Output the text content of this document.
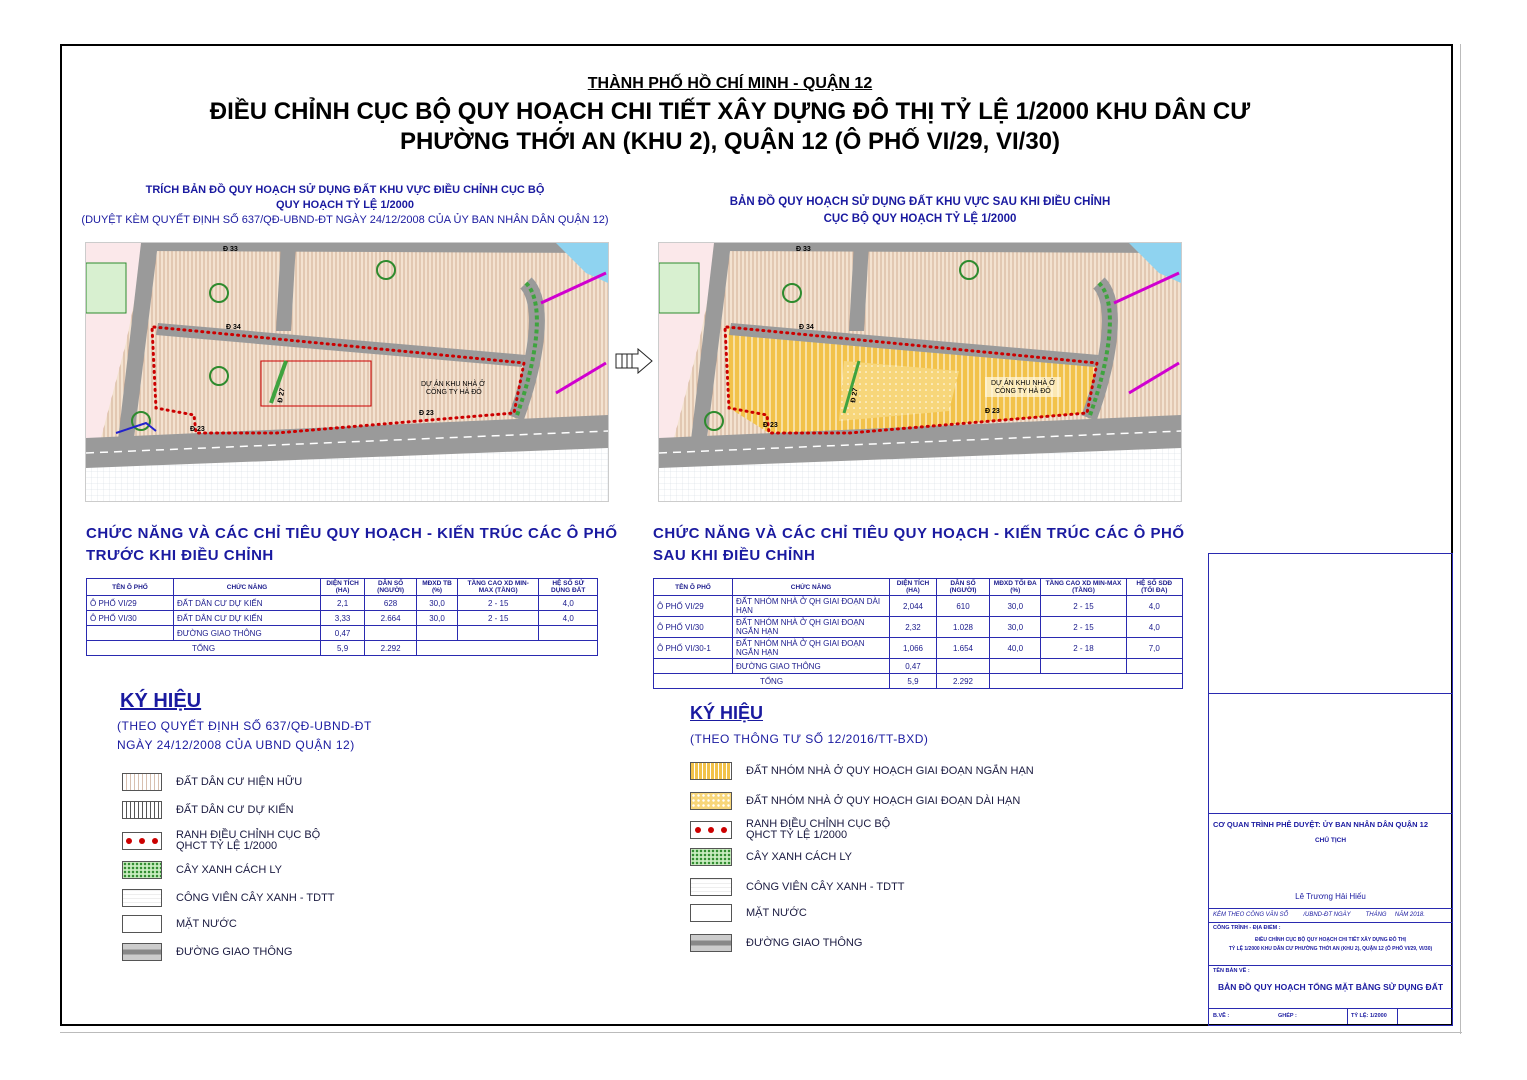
THÀNH PHỐ HỒ CHÍ MINH - QUẬN 12
ĐIỀU CHỈNH CỤC BỘ QUY HOẠCH CHI TIẾT XÂY DỰNG ĐÔ THỊ TỶ LỆ 1/2000 KHU DÂN CƯ
PHƯỜNG THỚI AN (KHU 2), QUẬN 12 (Ô PHỐ VI/29, VI/30)
TRÍCH BẢN ĐỒ QUY HOẠCH SỬ DỤNG ĐẤT KHU VỰC ĐIỀU CHỈNH CỤC BỘ
QUY HOẠCH TỶ LỆ 1/2000
(DUYỆT KÈM QUYẾT ĐỊNH SỐ 637/QĐ-UBND-ĐT NGÀY 24/12/2008 CỦA ỦY BAN NHÂN DÂN QUẬN 12)
BẢN ĐỒ QUY HOẠCH SỬ DỤNG ĐẤT KHU VỰC SAU KHI ĐIỀU CHỈNH
CỤC BỘ QUY HOẠCH TỶ LỆ 1/2000
Đ 33
Đ 34
Đ 23
Đ 23
Đ 27
DỰ ÁN KHU NHÀ Ở
CÔNG TY HÀ ĐÔ
Đ 33
Đ 34
Đ 23
Đ 23
Đ 27
DỰ ÁN KHU NHÀ Ở
CÔNG TY HÀ ĐÔ
CHỨC NĂNG VÀ CÁC CHỈ TIÊU QUY HOẠCH - KIẾN TRÚC CÁC Ô PHỐ
TRƯỚC KHI ĐIỀU CHỈNH
CHỨC NĂNG VÀ CÁC CHỈ TIÊU QUY HOẠCH - KIẾN TRÚC CÁC Ô PHỐ
SAU KHI ĐIỀU CHỈNH
TÊN Ô PHỐ	CHỨC NĂNG	DIỆN TÍCH (HA)	DÂN SỐ (NGƯỜI)	MĐXD TB (%)	TẦNG CAO XD MIN-MAX (TẦNG)	HỆ SỐ SỬ DỤNG ĐẤT
Ô PHỐ VI/29	ĐẤT DÂN CƯ DỰ KIẾN	2,1	628	30,0	2 - 15	4,0
Ô PHỐ VI/30	ĐẤT DÂN CƯ DỰ KIẾN	3,33	2.664	30,0	2 - 15	4,0
	ĐƯỜNG GIAO THÔNG	0,47				
TỔNG		5,9	2.292			
TÊN Ô PHỐ	CHỨC NĂNG	DIỆN TÍCH (HA)	DÂN SỐ (NGƯỜI)	MĐXD TỐI ĐA (%)	TẦNG CAO XD MIN-MAX (TẦNG)	HỆ SỐ SDĐ (TỐI ĐA)
Ô PHỐ VI/29	ĐẤT NHÓM NHÀ Ở QH GIAI ĐOẠN DÀI HẠN	2,044	610	30,0	2 - 15	4,0
Ô PHỐ VI/30	ĐẤT NHÓM NHÀ Ở QH GIAI ĐOẠN NGẮN HẠN	2,32	1.028	30,0	2 - 15	4,0
Ô PHỐ VI/30-1	ĐẤT NHÓM NHÀ Ở QH GIAI ĐOẠN NGẮN HẠN	1,066	1.654	40,0	2 - 18	7,0
	ĐƯỜNG GIAO THÔNG	0,47				
TỔNG		5,9	2.292			
KÝ HIỆU
(THEO QUYẾT ĐỊNH SỐ 637/QĐ-UBND-ĐT
NGÀY 24/12/2008 CỦA UBND QUẬN 12)
ĐẤT DÂN CƯ HIỆN HỮU
ĐẤT DÂN CƯ DỰ KIẾN
RANH ĐIỀU CHỈNH CỤC BỘ
QHCT TỶ LỆ 1/2000
CÂY XANH CÁCH LY
CÔNG VIÊN CÂY XANH - TDTT
MẶT NƯỚC
ĐƯỜNG GIAO THÔNG
KÝ HIỆU
(THEO THÔNG TƯ SỐ 12/2016/TT-BXD)
ĐẤT NHÓM NHÀ Ở QUY HOẠCH GIAI ĐOẠN NGẮN HẠN
ĐẤT NHÓM NHÀ Ở QUY HOẠCH GIAI ĐOẠN DÀI HẠN
RANH ĐIỀU CHỈNH CỤC BỘ
QHCT TỶ LỆ 1/2000
CÂY XANH CÁCH LY
CÔNG VIÊN CÂY XANH - TDTT
MẶT NƯỚC
ĐƯỜNG GIAO THÔNG
CƠ QUAN TRÌNH PHÊ DUYỆT: ỦY BAN NHÂN DÂN QUẬN 12
CHỦ TỊCH
Lê Trương Hải Hiếu
KÈM THEO CÔNG VĂN SỐ         /UBND-ĐT NGÀY         THÁNG     NĂM 2018.
CÔNG TRÌNH - ĐỊA ĐIỂM :
ĐIỀU CHỈNH CỤC BỘ QUY HOẠCH CHI TIẾT XÂY DỰNG ĐÔ THỊ
TỶ LỆ 1/2000 KHU DÂN CƯ PHƯỜNG THỚI AN (KHU 2), QUẬN 12 (Ô PHỐ VI/29, VI/30)
TÊN BẢN VẼ :
BẢN ĐỒ QUY HOẠCH TỔNG MẶT BẰNG SỬ DỤNG ĐẤT
B.VẼ :	GHÉP :	TỶ LỆ: 1/2000
